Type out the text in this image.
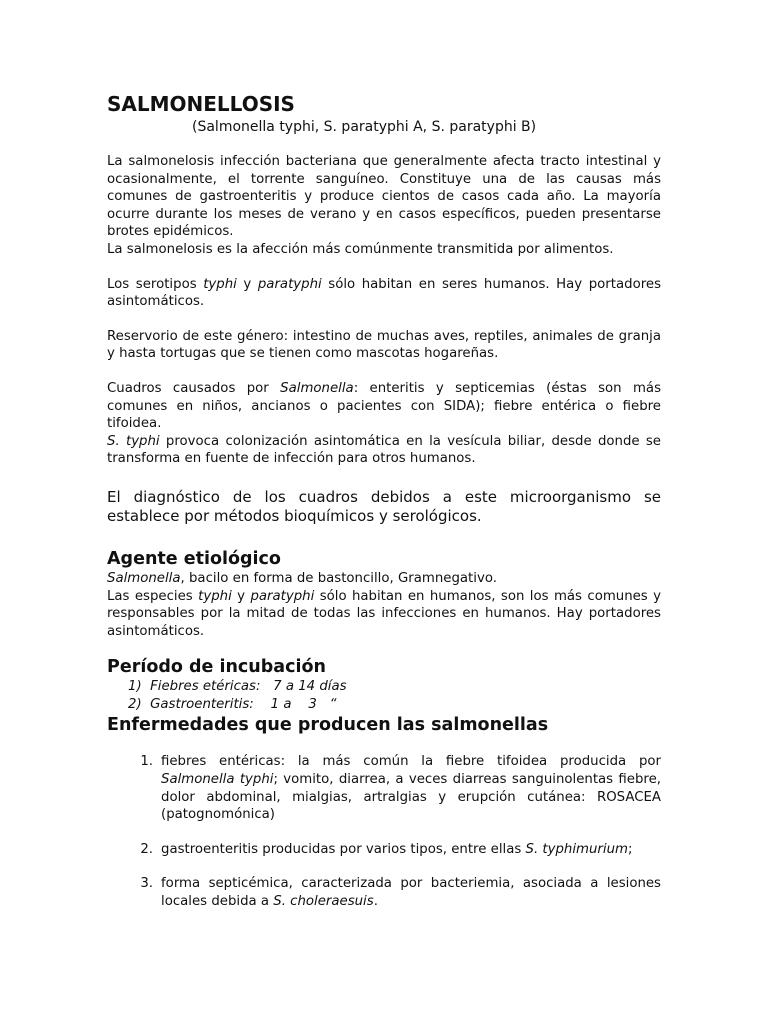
SALMONELLOSIS
(Salmonella typhi, S. paratyphi A, S. paratyphi B)

La salmonelosis infección bacteriana que generalmente afecta tracto intestinal y ocasionalmente, el torrente sanguíneo. Constituye una de las causas más comunes de gastroenteritis y produce cientos de casos cada año. La mayoría ocurre durante los meses de verano y en casos específicos, pueden presentarse brotes epidémicos.
La salmonelosis es la afección más comúnmente transmitida por alimentos.

Los serotipos typhi y paratyphi sólo habitan en seres humanos. Hay portadores asintomáticos.

Reservorio de este género: intestino de muchas aves, reptiles, animales de granja y hasta tortugas que se tienen como mascotas hogareñas.

Cuadros causados por Salmonella: enteritis y septicemias (éstas son más comunes en niños, ancianos o pacientes con SIDA); fiebre entérica o fiebre tifoidea.
S. typhi provoca colonización asintomática en la vesícula biliar, desde donde se transforma en fuente de infección para otros humanos.

El diagnóstico de los cuadros debidos a este microorganismo se establece por métodos bioquímicos y serológicos.

Agente etiológico

Salmonella, bacilo en forma de bastoncillo, Gramnegativo.
Las especies typhi y paratyphi sólo habitan en humanos, son los más comunes y responsables por la mitad de todas las infecciones en humanos. Hay portadores asintomáticos.

Período de incubación
1)  Fiebres etéricas:   7 a 14 días
2)  Gastroenteritis:    1 a    3   “
Enfermedades que producen las salmonellas
1. fiebres entéricas: la más común la fiebre tifoidea producida por Salmonella typhi; vomito, diarrea, a veces diarreas sanguinolentas fiebre, dolor abdominal, mialgias, artralgias y erupción cutánea: ROSACEA (patognomónica)
2. gastroenteritis producidas por varios tipos, entre ellas S. typhimurium;
3. forma septicémica, caracterizada por bacteriemia, asociada a lesiones locales debida a S. choleraesuis.
